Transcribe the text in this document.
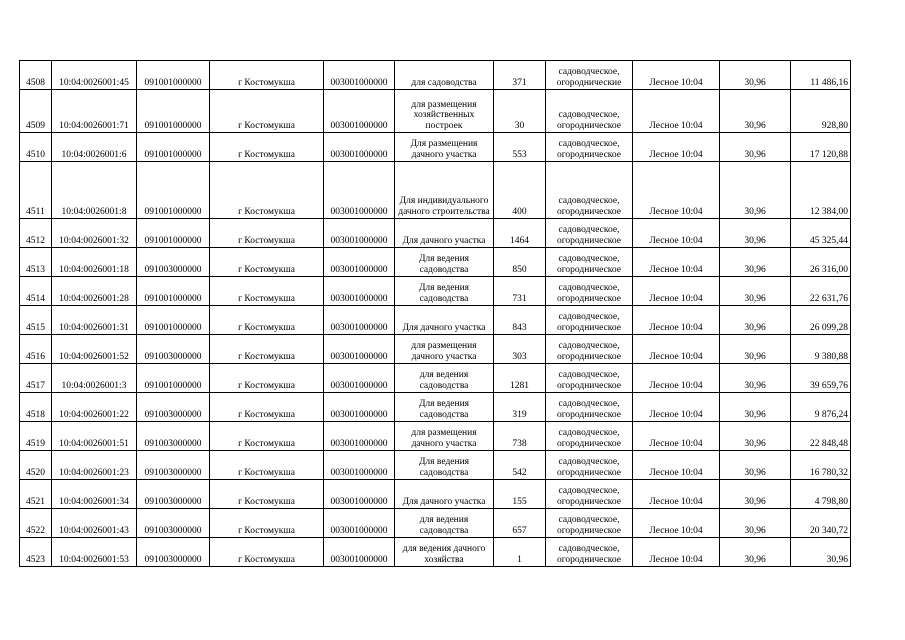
4508	10:04:0026001:45	091001000000	г Костомукша	003001000000	для садоводства	371	садоводческое, огороднические	Лесное 10:04	30,96	11 486,16
4509	10:04:0026001:71	091001000000	г Костомукша	003001000000	для размещения хозяйственных построек	30	садоводческое, огородническое	Лесное 10:04	30,96	928,80
4510	10:04:0026001:6	091001000000	г Костомукша	003001000000	Для размещения дачного участка	553	садоводческое, огородническое	Лесное 10:04	30,96	17 120,88
4511	10:04:0026001:8	091001000000	г Костомукша	003001000000	Для индивидуального дачного строительства	400	садоводческое, огородническое	Лесное 10:04	30,96	12 384,00
4512	10:04:0026001:32	091001000000	г Костомукша	003001000000	Для дачного участка	1464	садоводческое, огородническое	Лесное 10:04	30,96	45 325,44
4513	10:04:0026001:18	091003000000	г Костомукша	003001000000	Для ведения садоводства	850	садоводческое, огородническое	Лесное 10:04	30,96	26 316,00
4514	10:04:0026001:28	091001000000	г Костомукша	003001000000	Для ведения садоводства	731	садоводческое, огородническое	Лесное 10:04	30,96	22 631,76
4515	10:04:0026001:31	091001000000	г Костомукша	003001000000	Для дачного участка	843	садоводческое, огородническое	Лесное 10:04	30,96	26 099,28
4516	10:04:0026001:52	091003000000	г Костомукша	003001000000	для размещения дачного участка	303	садоводческое, огородническое	Лесное 10:04	30,96	9 380,88
4517	10:04:0026001:3	091001000000	г Костомукша	003001000000	для ведения садоводства	1281	садоводческое, огородническое	Лесное 10:04	30,96	39 659,76
4518	10:04:0026001:22	091003000000	г Костомукша	003001000000	Для ведения садоводства	319	садоводческое, огородническое	Лесное 10:04	30,96	9 876,24
4519	10:04:0026001:51	091003000000	г Костомукша	003001000000	для размещения дачного участка	738	садоводческое, огородническое	Лесное 10:04	30,96	22 848,48
4520	10:04:0026001:23	091003000000	г Костомукша	003001000000	Для ведения садоводства	542	садоводческое, огородническое	Лесное 10:04	30,96	16 780,32
4521	10:04:0026001:34	091003000000	г Костомукша	003001000000	Для дачного участка	155	садоводческое, огородническое	Лесное 10:04	30,96	4 798,80
4522	10:04:0026001:43	091003000000	г Костомукша	003001000000	для ведения садоводства	657	садоводческое, огородническое	Лесное 10:04	30,96	20 340,72
4523	10:04:0026001:53	091003000000	г Костомукша	003001000000	для ведения дачного хозяйства	1	садоводческое, огородническое	Лесное 10:04	30,96	30,96
